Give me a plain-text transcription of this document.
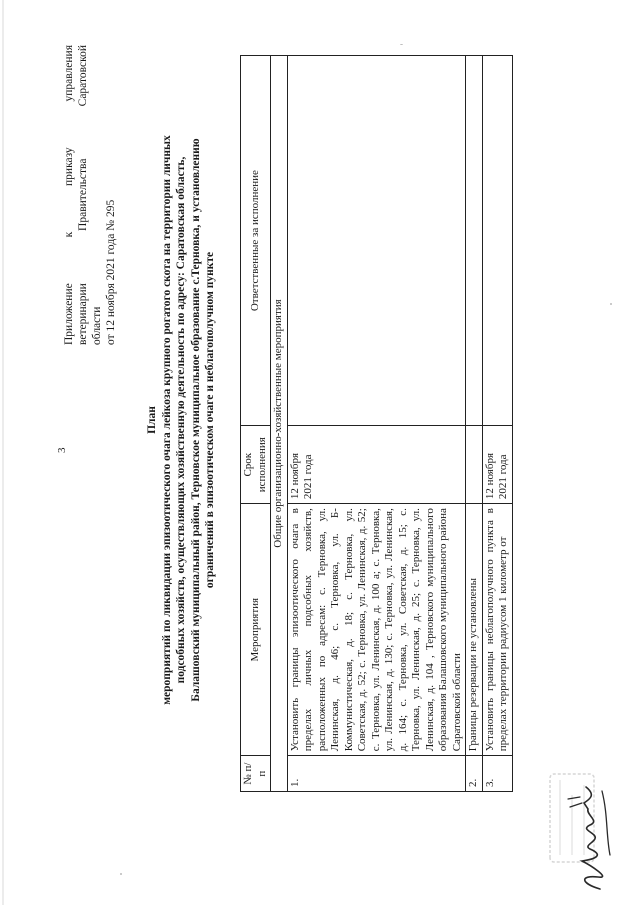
3
Приложение к приказу управления ветеринарии Правительства Саратовской области от 12 ноября 2021 года № 295
План мероприятий по ликвидации эпизоотического очага лейкоза крупного рогатого скота на территории личных подсобных хозяйств, осуществляющих хозяйственную деятельность по адресу: Саратовская область, Балашовский муниципальный район, Терновское муниципальное образование с.Терновка, и установлению ограничений в эпизоотическом очаге и неблагополучном пункте
№ п/п	Мероприятия	Срок исполнения	Ответственные за исполнение
Общие организационно-хозяйственные мероприятия			
1.	Установить границы эпизоотического очага в пределах личных подсобных хозяйств, расположенных по адресам: с. Терновка, ул. Ленинская, д. 46; с. Терновка, ул. Б-Коммунистическая, д. 18; с. Терновка, ул. Советская, д. 52; с. Терновка, ул. Ленинская, д. 52; с. Терновка, ул. Ленинская, д. 100 а; с. Терновка, ул. Ленинская, д. 130; с. Терновка, ул. Ленинская, д. 164; с. Терновка, ул. Советская, д. 15; с. Терновка, ул. Ленинская, д. 25; с. Терновка, ул. Ленинская, д. 104 , Терновского муниципального образования Балашовского муниципального района Саратовской области	12 ноября 2021 года	
2.	Границы резервации не установлены		
3.	Установить границы неблагополучного пункта в пределах территории радиусом 1 километр от	12 ноября 2021 года	
